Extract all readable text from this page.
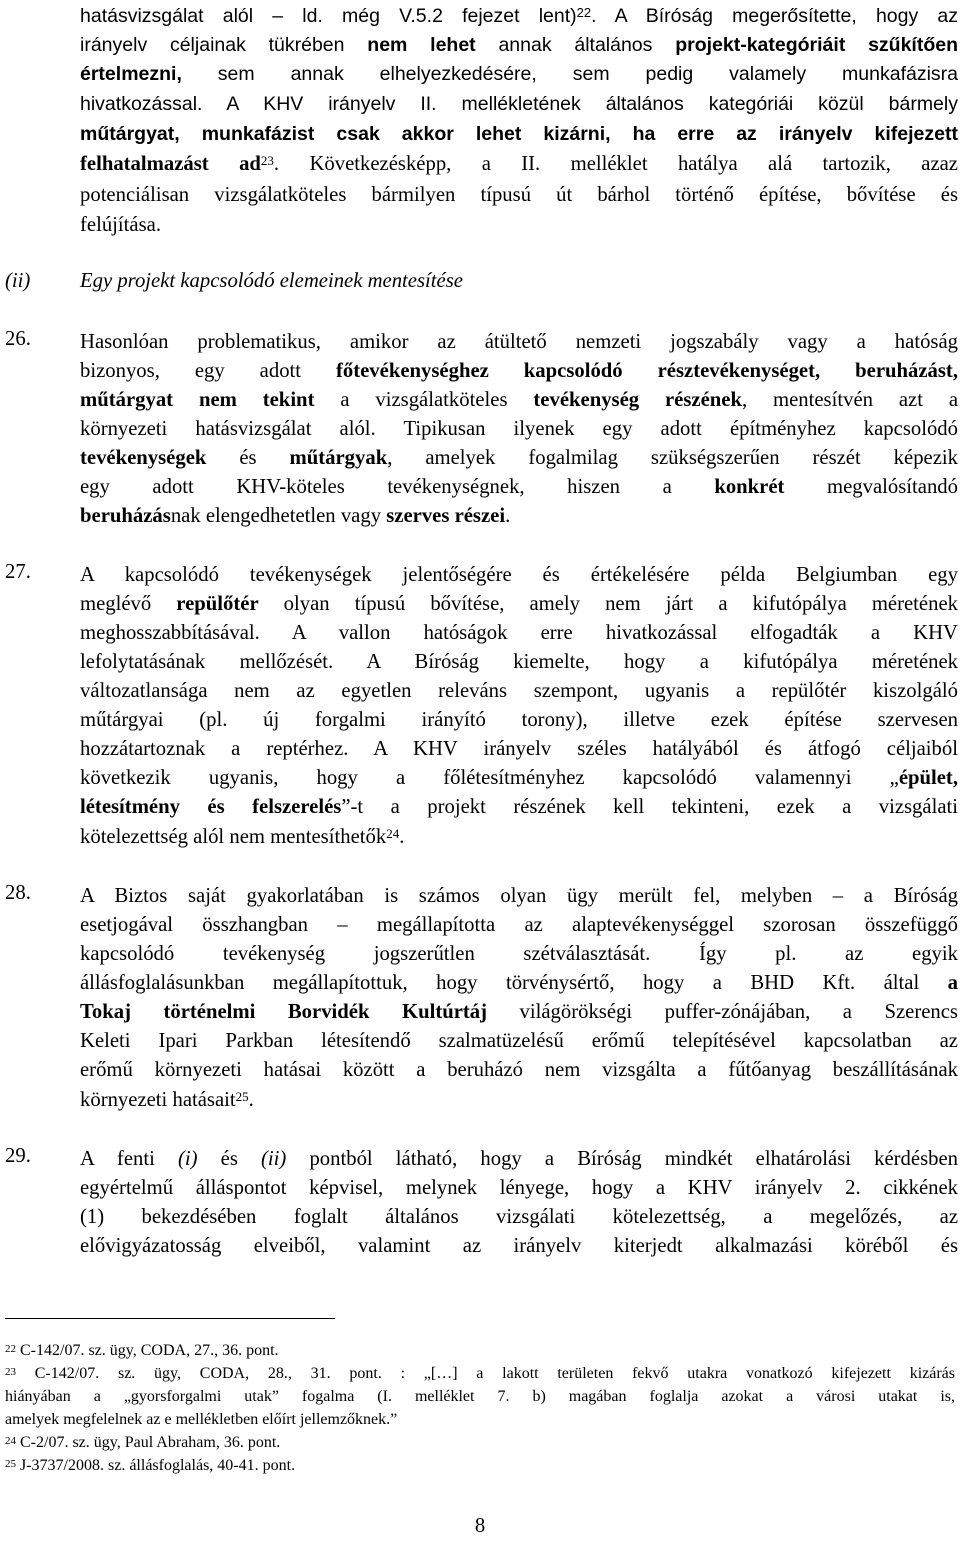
hatásvizsgálat alól – ld. még V.5.2 fejezet lent)$^{22}$. A Bíróság megerősítette, hogy az
irányelv céljainak tükrében nem lehet annak általános projekt-kategóriáit szűkítően
értelmezni, sem annak elhelyezkedésére, sem pedig valamely munkafázisra
hivatkozással. A KHV irányelv II. mellékletének általános kategóriái közül bármely
műtárgyat, munkafázist csak akkor lehet kizárni, ha erre az irányelv kifejezett
felhatalmazást $ad^{23}$. Következésképp, a II. melléklet hatálya alá tartozik, azaz
potenciálisan vizsgálatköteles bármilyen típusú út bárhol történő építése, bővítése és
felújítása.
(ii) Egy projekt kapcsolódó elemeinek mentesítése
26. Hasonlóan problematikus, amikor az átültető nemzeti jogszabály vagy a hatóság
bizonyos, egy adott főtevékenységhez kapcsolódó résztevékenységet, beruházást,
műtárgyat nem tekint a vizsgálatköteles tevékenység részének, mentesítvén azt a
környezeti hatásvizsgálat alól. Tipikusan ilyenek egy adott építményhez kapcsolódó
tevékenységek és műtárgyak, amelyek fogalmilag szükségszerűen részét képezik
egy adott KHV-köteles tevékenységnek, hiszen a konkrét megvalósítandó
beruházásnak elengedhetetlen vagy szerves részei.
27. A kapcsolódó tevékenységek jelentőségére és értékelésére példa Belgiumban egy
meglévő repülőtér olyan típusú bővítése, amely nem járt a kifutópálya méretének
meghosszabbításával. A vallon hatóságok erre hivatkozással elfogadták a KHV
lefolytatásának mellőzését. A Bíróság kiemelte, hogy a kifutópálya méretének
változatlansága nem az egyetlen releváns szempont, ugyanis a repülőtér kiszolgáló
műtárgyai (pl. új forgalmi irányító torony), illetve ezek építése szervesen
hozzátartoznak a reptérhez. A KHV irányelv széles hatályából és átfogó céljaiból
következik ugyanis, hogy a főlétesítményhez kapcsolódó valamennyi „épület,
létesítmény és felszerelés”-t a projekt részének kell tekinteni, ezek a vizsgálati
kötelezettség alól nem mentesíthetők$^{24}$.
28. A Biztos saját gyakorlatában is számos olyan ügy merült fel, melyben – a Bíróság
esetjogával összhangban – megállapította az alaptevékenységgel szorosan összefüggő
kapcsolódó tevékenység jogszerűtlen szétválasztását. Így pl. az egyik
állásfoglalásunkban megállapítottuk, hogy törvénysértő, hogy a BHD Kft. által a
Tokaj történelmi Borvidék Kultúrtáj világörökségi puffer-zónájában, a Szerencs
Keleti Ipari Parkban létesítendő szalmatüzelésű erőmű telepítésével kapcsolatban az
erőmű környezeti hatásai között a beruházó nem vizsgálta a fűtőanyag beszállításának
környezeti hatásait$^{25}$.
29. A fenti (i) és (ii) pontból látható, hogy a Bíróság mindkét elhatárolási kérdésben
egyértelmű álláspontot képvisel, melynek lényege, hogy a KHV irányelv 2. cikkének
(1) bekezdésében foglalt általános vizsgálati kötelezettség, a megelőzés, az
elővigyázatosság elveiből, valamint az irányelv kiterjedt alkalmazási köréből és
$^{22}$ C-142/07. sz. ügy, CODA, 27., 36. pont.
$^{23}$ C-142/07. sz. ügy, CODA, 28., 31. pont. : „[…] a lakott területen fekvő utakra vonatkozó kifejezett kizárás
hiányában a „gyorsforgalmi utak” fogalma (I. melléklet 7. b) magában foglalja azokat a városi utakat is,
amelyek megfelelnek az e mellékletben előírt jellemzőknek.”
$^{24}$ C-2/07. sz. ügy, Paul Abraham, 36. pont.
$^{25}$ J-3737/2008. sz. állásfoglalás, 40-41. pont.
8
